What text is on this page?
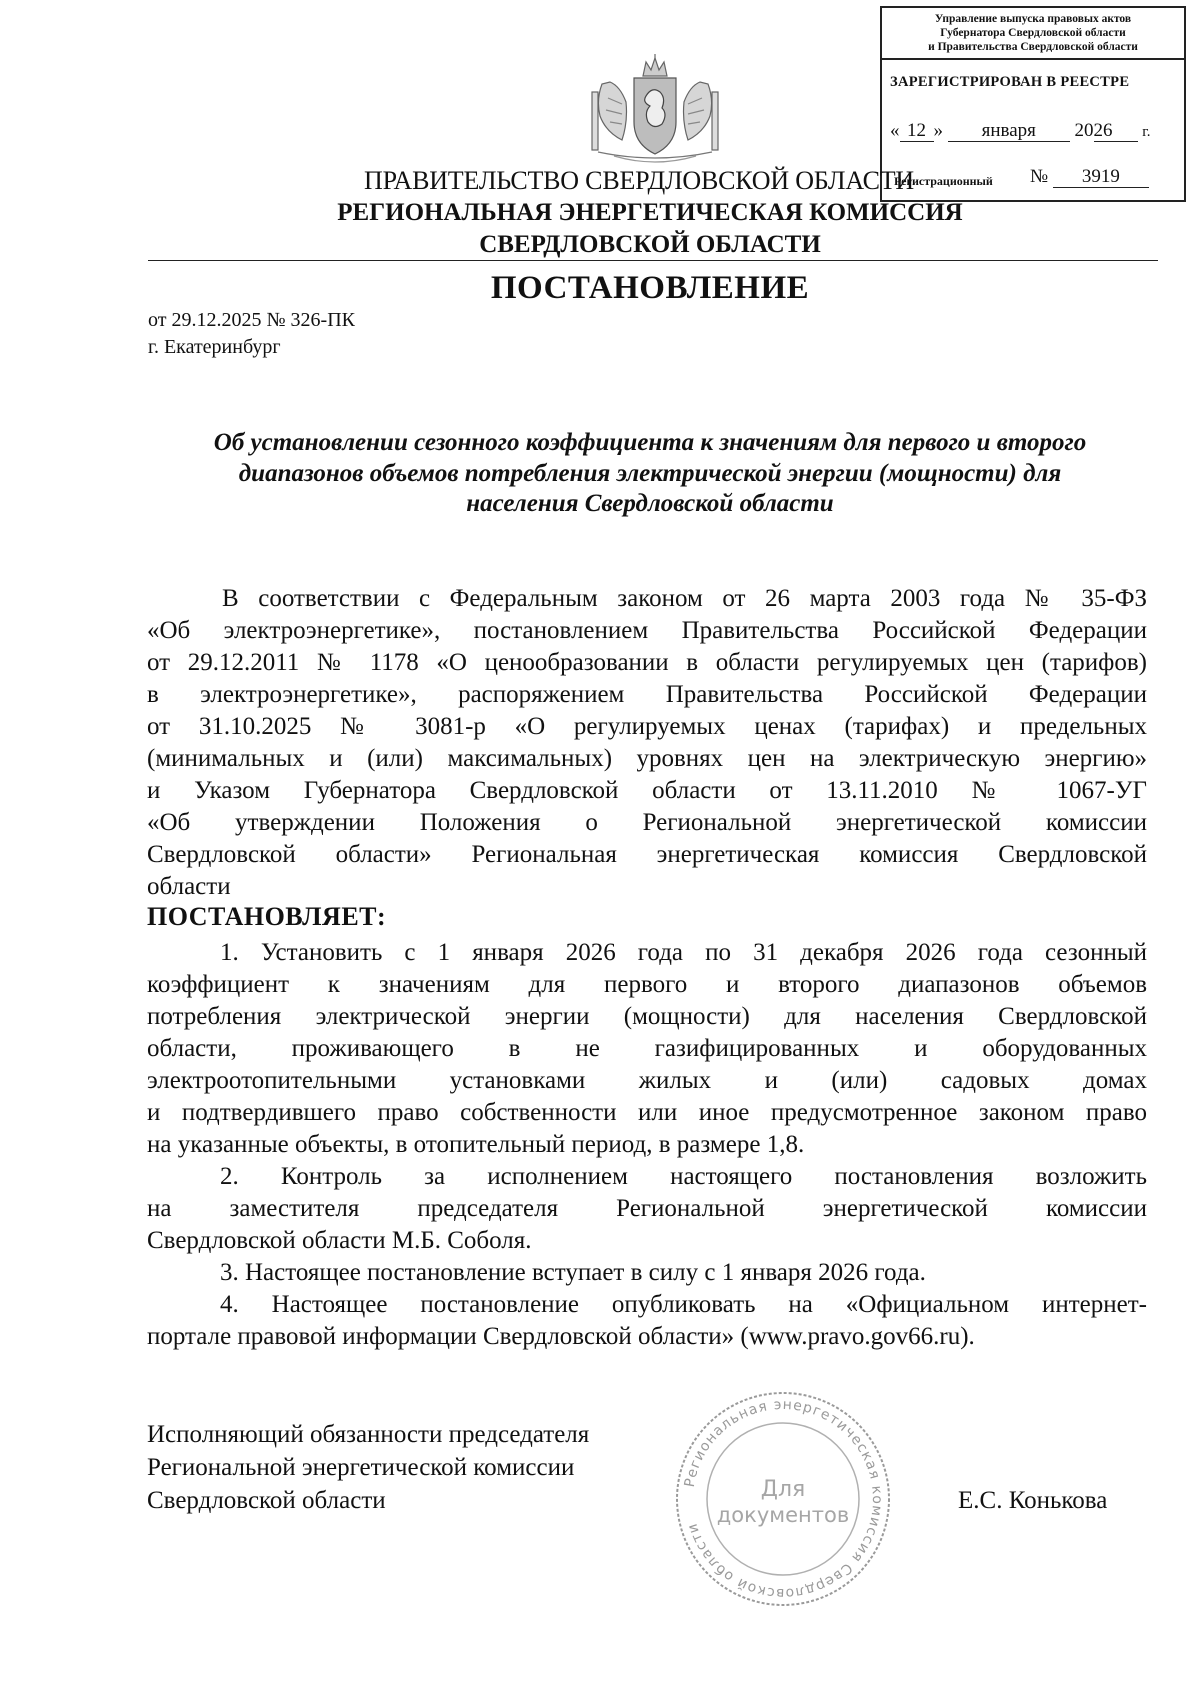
Управление выпуска правовых актов
Губернатора Свердловской области
и Правительства Свердловской области
ЗАРЕГИСТРИРОВАН В РЕЕСТРЕ
« 12 » января 2026 г.
Регистрационный № 3919
ПРАВИТЕЛЬСТВО СВЕРДЛОВСКОЙ ОБЛАСТИ
РЕГИОНАЛЬНАЯ ЭНЕРГЕТИЧЕСКАЯ КОМИССИЯ
СВЕРДЛОВСКОЙ ОБЛАСТИ
ПОСТАНОВЛЕНИЕ
от 29.12.2025 № 326-ПК
г. Екатеринбург
Об установлении сезонного коэффициента к значениям для первого и второго
диапазонов объемов потребления электрической энергии (мощности) для
населения Свердловской области
В соответствии с Федеральным законом от 26 марта 2003 года № 35-ФЗ
«Об электроэнергетике», постановлением Правительства Российской Федерации
от 29.12.2011 № 1178 «О ценообразовании в области регулируемых цен (тарифов)
в электроэнергетике», распоряжением Правительства Российской Федерации
от 31.10.2025 № 3081-р «О регулируемых ценах (тарифах) и предельных
(минимальных и (или) максимальных) уровнях цен на электрическую энергию»
и Указом Губернатора Свердловской области от 13.11.2010 № 1067-УГ
«Об утверждении Положения о Региональной энергетической комиссии
Свердловской области» Региональная энергетическая комиссия Свердловской
области
ПОСТАНОВЛЯЕТ:
1. Установить с 1 января 2026 года по 31 декабря 2026 года сезонный
коэффициент к значениям для первого и второго диапазонов объемов
потребления электрической энергии (мощности) для населения Свердловской
области, проживающего в не газифицированных и оборудованных
электроотопительными установками жилых и (или) садовых домах
и подтвердившего право собственности или иное предусмотренное законом право
на указанные объекты, в отопительный период, в размере 1,8.
2. Контроль за исполнением настоящего постановления возложить
на заместителя председателя Региональной энергетической комиссии
Свердловской области М.Б. Соболя.
3. Настоящее постановление вступает в силу с 1 января 2026 года.
4. Настоящее постановление опубликовать на «Официальном интернет-
портале правовой информации Свердловской области» (www.pravo.gov66.ru).
Исполняющий обязанности председателя
Региональной энергетической комиссии
Свердловской области	Е.С. Конькова
Региональная энергетическая комиссия Свердловской области
Для
документов
